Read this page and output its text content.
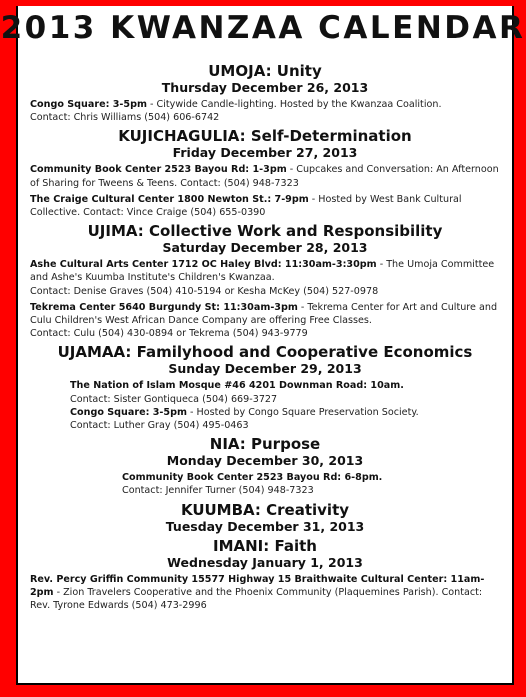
2013 KWANZAA CALENDAR

UMOJA: Unity

Thursday December 26, 2013

Congo Square: 3-5pm - Citywide Candle-lighting. Hosted by the Kwanzaa Coalition.
Contact: Chris Williams (504) 606-6742

KUJICHAGULIA: Self-Determination

Friday December 27, 2013

Community Book Center 2523 Bayou Rd: 1-3pm - Cupcakes and Conversation: An Afternoon of Sharing for Tweens & Teens. Contact: (504) 948-7323

The Craige Cultural Center 1800 Newton St.: 7-9pm - Hosted by West Bank Cultural Collective. Contact: Vince Craige (504) 655-0390

UJIMA: Collective Work and Responsibility

Saturday December 28, 2013

Ashe Cultural Arts Center 1712 OC Haley Blvd: 11:30am-3:30pm - The Umoja Committee and Ashe's Kuumba Institute's Children's Kwanzaa.
Contact: Denise Graves (504) 410-5194 or Kesha McKey (504) 527-0978

Tekrema Center 5640 Burgundy St: 11:30am-3pm - Tekrema Center for Art and Culture and Culu Children's West African Dance Company are offering Free Classes.
Contact: Culu (504) 430-0894 or Tekrema (504) 943-9779

UJAMAA: Familyhood and Cooperative Economics

Sunday December 29, 2013

The Nation of Islam Mosque #46 4201 Downman Road: 10am.
Contact: Sister Gontiqueca (504) 669-3727
Congo Square: 3-5pm - Hosted by Congo Square Preservation Society.
Contact: Luther Gray (504) 495-0463

NIA: Purpose

Monday December 30, 2013

Community Book Center 2523 Bayou Rd: 6-8pm.
Contact: Jennifer Turner (504) 948-7323

KUUMBA: Creativity

Tuesday December 31, 2013

IMANI: Faith

Wednesday January 1, 2013

Rev. Percy Griffin Community 15577 Highway 15 Braithwaite Cultural Center: 11am-2pm - Zion Travelers Cooperative and the Phoenix Community (Plaquemines Parish). Contact: Rev. Tyrone Edwards (504) 473-2996
